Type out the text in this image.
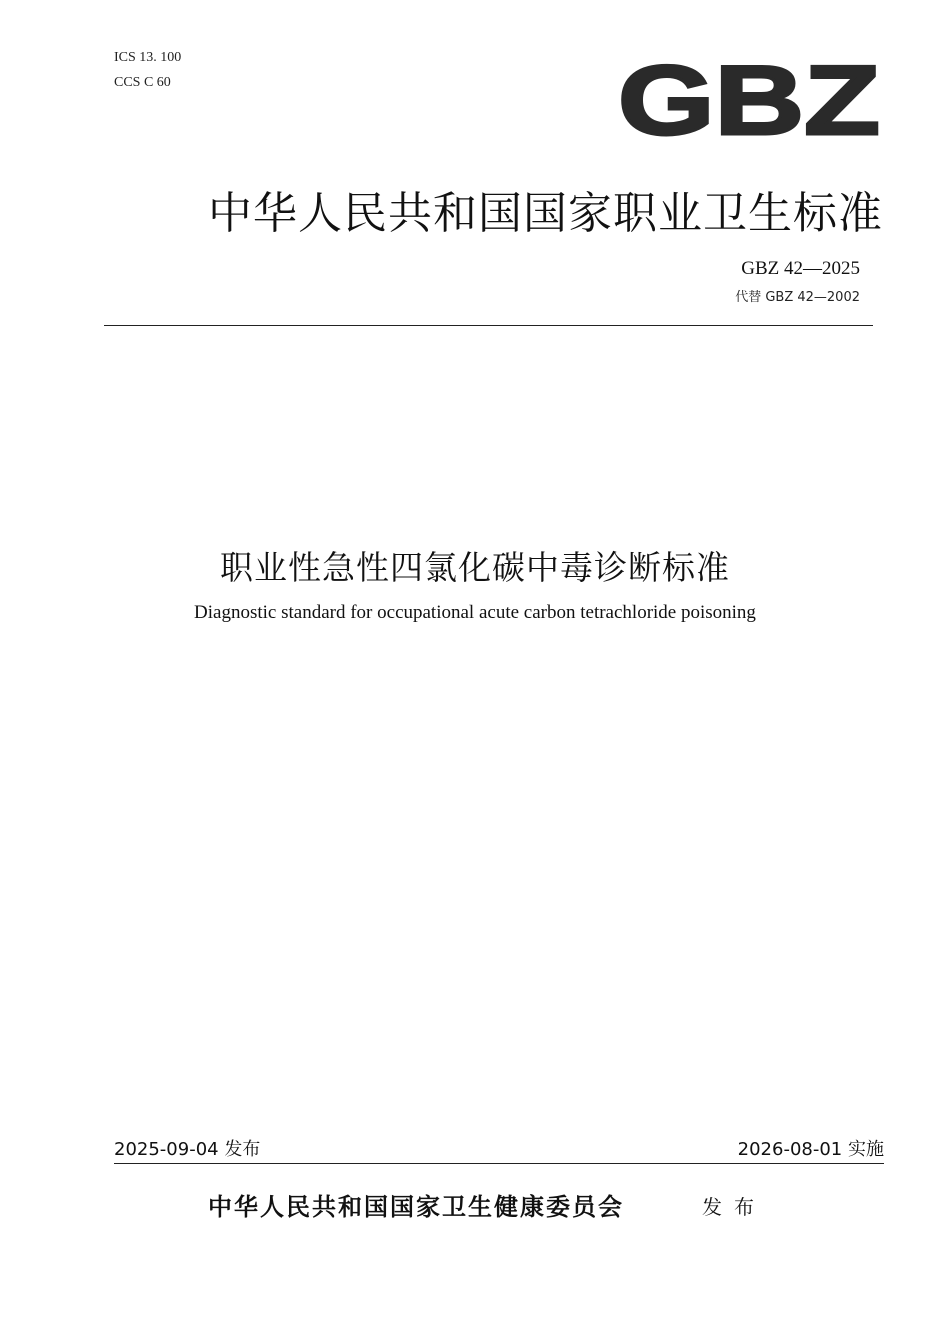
ICS 13. 100
CCS C 60	GBZ
中华人民共和国国家职业卫生标准
GBZ 42—2025
代替 GBZ 42—2002
职业性急性四氯化碳中毒诊断标准
Diagnostic standard for occupational acute carbon tetrachloride poisoning
2025-09-04 发布	2026-08-01 实施
中华人民共和国国家卫生健康委员会	发布
